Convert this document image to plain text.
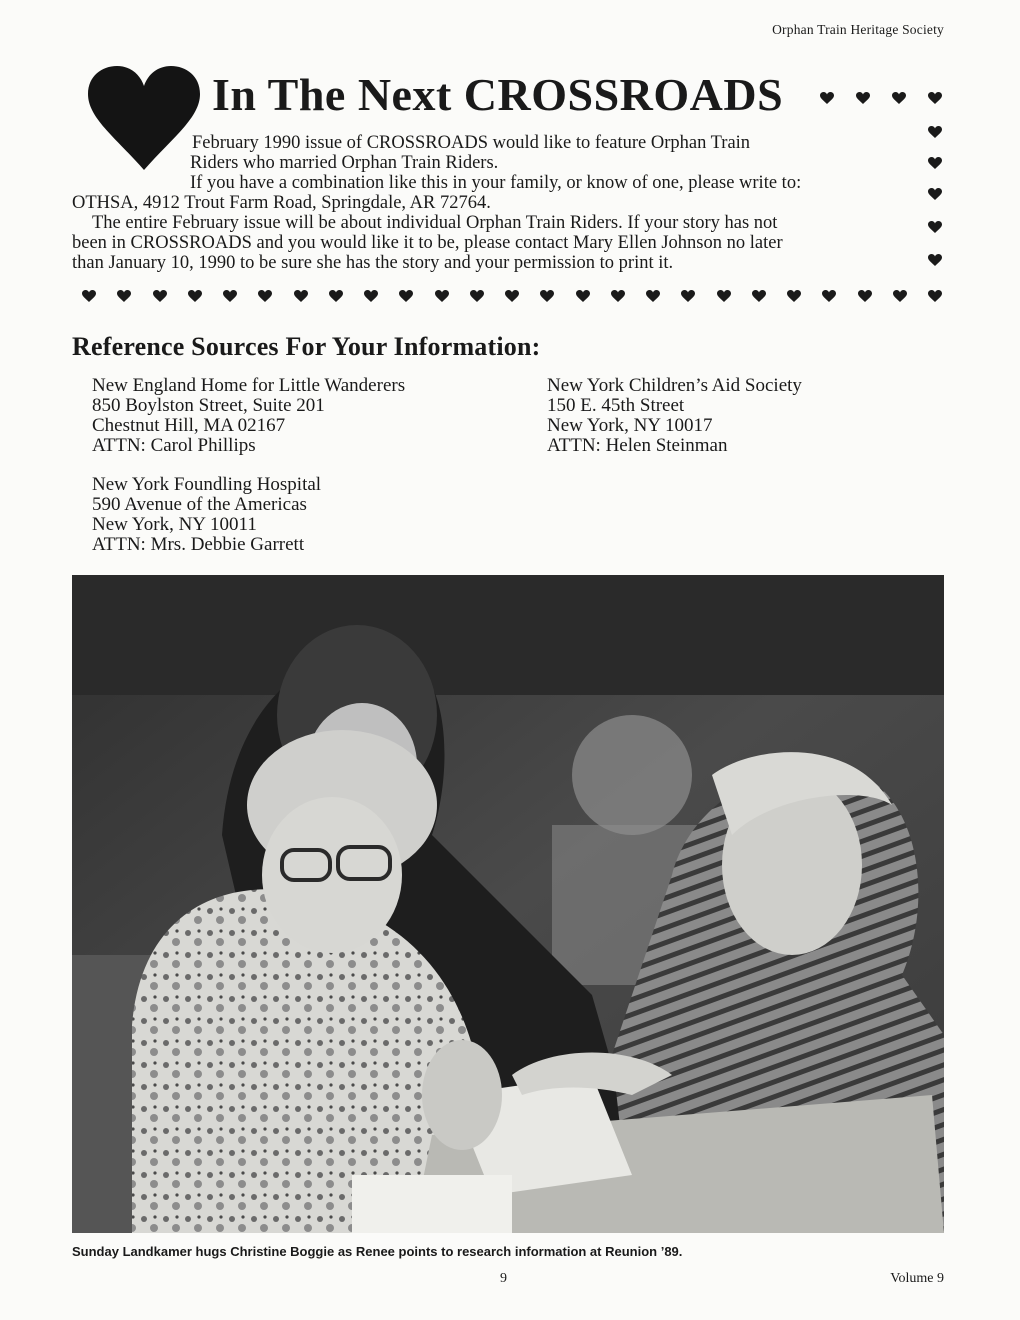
Orphan Train Heritage Society
In The Next CROSSROADS

February 1990 issue of CROSSROADS would like to feature Orphan Train

Riders who married Orphan Train Riders.

If you have a combination like this in your family, or know of one, please write to:

OTHSA, 4912 Trout Farm Road, Springdale, AR 72764.

The entire February issue will be about individual Orphan Train Riders. If your story has not

been in CROSSROADS and you would like it to be, please contact Mary Ellen Johnson no later

than January 10, 1990 to be sure she has the story and your permission to print it.

Reference Sources For Your Information:
New England Home for Little Wanderers
850 Boylston Street, Suite 201
Chestnut Hill, MA 02167
ATTN: Carol Phillips
New York Children’s Aid Society
150 E. 45th Street
New York, NY 10017
ATTN: Helen Steinman
New York Foundling Hospital
590 Avenue of the Americas
New York, NY 10011
ATTN: Mrs. Debbie Garrett
Sunday Landkamer hugs Christine Boggie as Renee points to research information at Reunion ’89.
9	Volume 9
